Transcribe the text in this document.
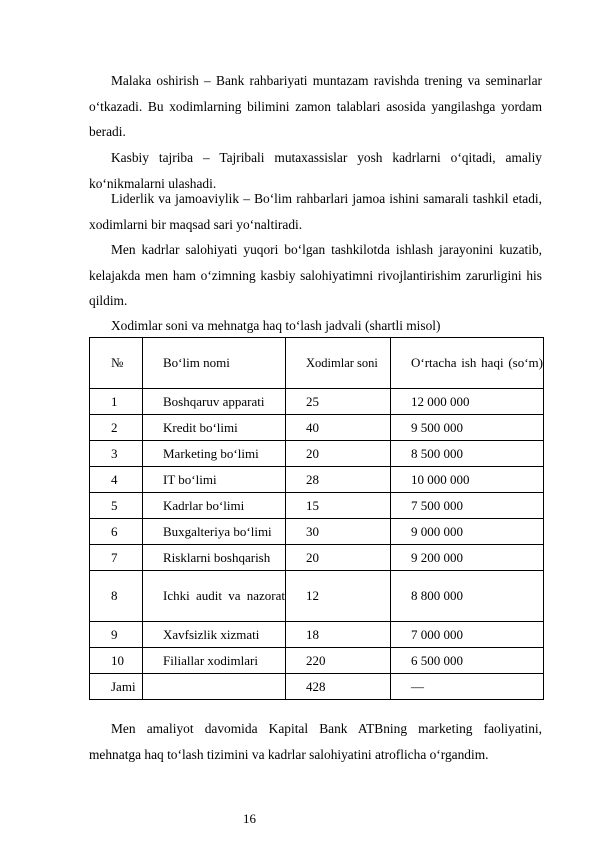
Malaka oshirish – Bank rahbariyati muntazam ravishda trening va seminarlar o‘tkazadi. Bu xodimlarning bilimini zamon talablari asosida yangilashga yordam beradi.
Kasbiy tajriba – Tajribali mutaxassislar yosh kadrlarni o‘qitadi, amaliy ko‘nikmalarni ulashadi.
Liderlik va jamoaviylik – Bo‘lim rahbarlari jamoa ishini samarali tashkil etadi, xodimlarni bir maqsad sari yo‘naltiradi.
Men kadrlar salohiyati yuqori bo‘lgan tashkilotda ishlash jarayonini kuzatib, kelajakda men ham o‘zimning kasbiy salohiyatimni rivojlantirishim zarurligini his qildim.
Xodimlar soni va mehnatga haq to‘lash jadvali (shartli misol)
№	Bo‘lim nomi	Xodimlar soni	O‘rtacha ish haqi (so‘m)

1	Boshqaruv apparati	25	12 000 000
2	Kredit bo‘limi	40	9 500 000
3	Marketing bo‘limi	20	8 500 000
4	IT bo‘limi	28	10 000 000
5	Kadrlar bo‘limi	15	7 500 000
6	Buxgalteriya bo‘limi	30	9 000 000
7	Risklarni boshqarish	20	9 200 000
8	Ichki audit va nazorat	12	8 800 000
9	Xavfsizlik xizmati	18	7 000 000
10	Filiallar xodimlari	220	6 500 000
Jami		428	—
Men amaliyot davomida Kapital Bank ATBning marketing faoliyatini, mehnatga haq to‘lash tizimini va kadrlar salohiyatini atroflicha o‘rgandim.
16
